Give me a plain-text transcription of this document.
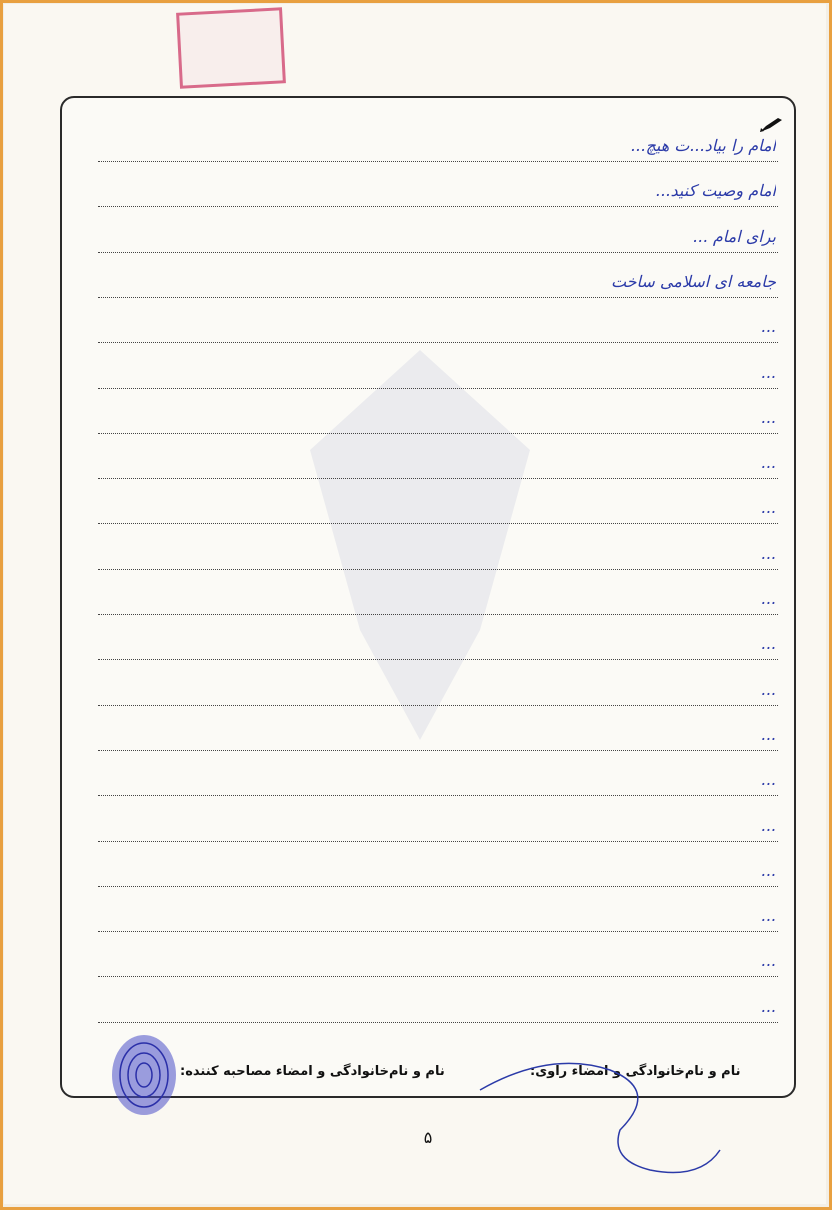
امام را بیاد...ت هیچ...
امام وصیت کنید...
برای امام ...
جامعه ای اسلامی ساخت
...
...
...
...
...
...
...
...
...
...
...
...
...
...
...
...
نام و نام‌خانوادگی و امضاء راوی:
نام و نام‌خانوادگی و امضاء مصاحبه کننده:
۵
